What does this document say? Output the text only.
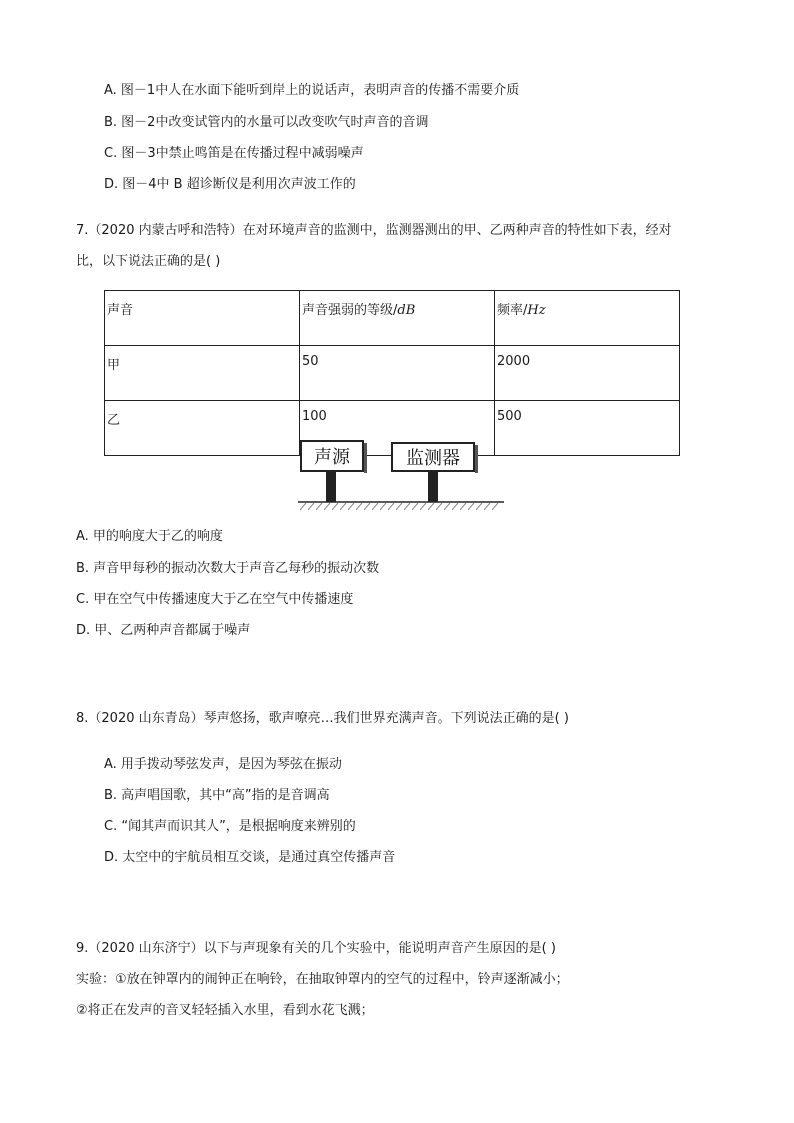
A. 图－1中人在水面下能听到岸上的说话声，表明声音的传播不需要介质
B. 图－2中改变试管内的水量可以改变吹气时声音的音调
C. 图－3中禁止鸣笛是在传播过程中减弱噪声
D. 图－4中 B 超诊断仪是利用次声波工作的
7.（2020 内蒙古呼和浩特）在对环境声音的监测中，监测器测出的甲、乙两种声音的特性如下表，经对
比，以下说法正确的是( )
声音	声音强弱的等级/dB	频率/Hz
甲	50	2000
乙	100	500
声源	监测器
A. 甲的响度大于乙的响度
B. 声音甲每秒的振动次数大于声音乙每秒的振动次数
C. 甲在空气中传播速度大于乙在空气中传播速度
D. 甲、乙两种声音都属于噪声
8.（2020 山东青岛）琴声悠扬，歌声嘹亮…我们世界充满声音。下列说法正确的是( )
A. 用手拨动琴弦发声，是因为琴弦在振动
B. 高声唱国歌，其中“高”指的是音调高
C. “闻其声而识其人”，是根据响度来辨别的
D. 太空中的宇航员相互交谈，是通过真空传播声音
9.（2020 山东济宁）以下与声现象有关的几个实验中，能说明声音产生原因的是( )
实验：①放在钟罩内的闹钟正在响铃，在抽取钟罩内的空气的过程中，铃声逐渐减小；
②将正在发声的音叉轻轻插入水里，看到水花飞溅；
